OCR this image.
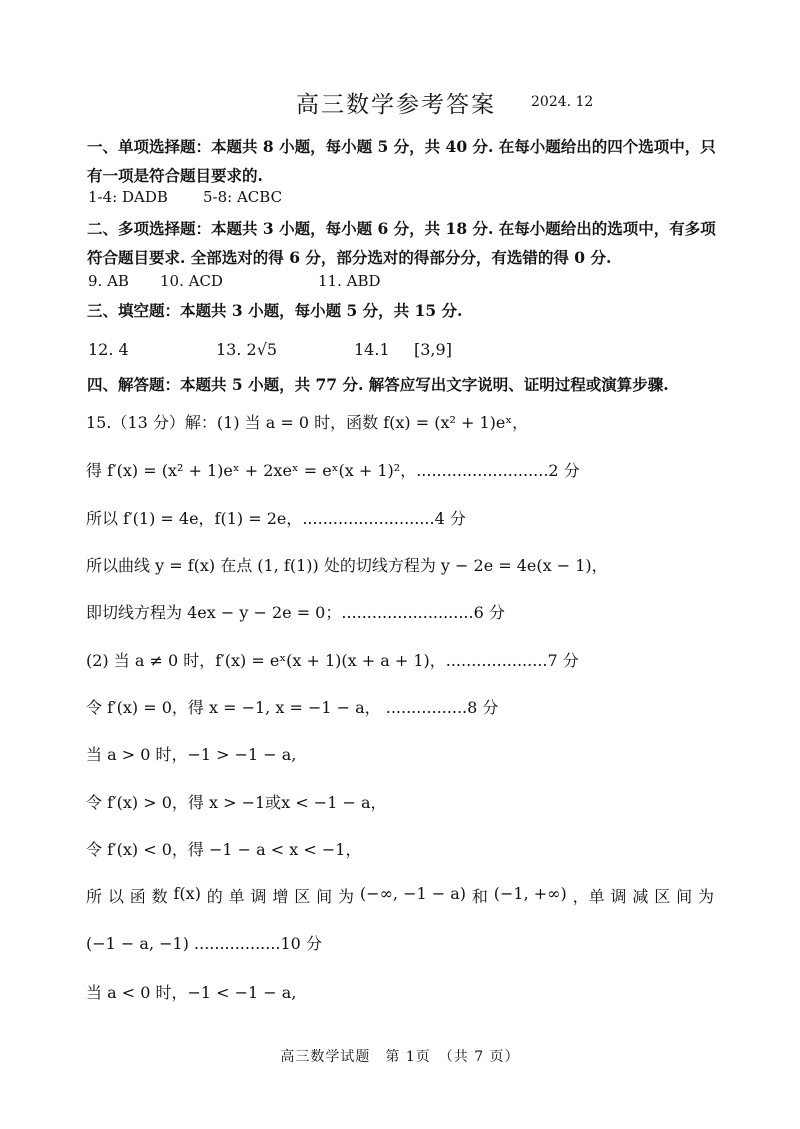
高三数学参考答案	2024. 12
一、单项选择题：本题共 8 小题，每小题 5 分，共 40 分. 在每小题给出的四个选项中，只有一项是符合题目要求的.
1-4: DADB 5-8: ACBC
二、多项选择题：本题共 3 小题，每小题 6 分，共 18 分. 在每小题给出的选项中，有多项符合题目要求. 全部选对的得 6 分，部分选对的得部分分，有选错的得 0 分.
9. AB 10. ACD	11. ABD
三、填空题：本题共 3 小题，每小题 5 分，共 15 分.
12. 4	13. 2√5	14.1 [3,9]
四、解答题：本题共 5 小题，共 77 分. 解答应写出文字说明、证明过程或演算步骤.
15.（13 分）解：(1) 当 a = 0 时，函数 f(x) = (x² + 1)eˣ，
得 f′(x) = (x² + 1)eˣ + 2xeˣ = eˣ(x + 1)²，..........................2 分
所以 f′(1) = 4e，f(1) = 2e，..........................4 分
所以曲线 y = f(x) 在点 (1, f(1)) 处的切线方程为 y − 2e = 4e(x − 1)，
即切线方程为 4ex − y − 2e = 0；..........................6 分
(2) 当 a ≠ 0 时，f′(x) = eˣ(x + 1)(x + a + 1)，....................7 分
令 f′(x) = 0，得 x = −1, x = −1 − a， ................8 分
当 a > 0 时，−1 > −1 − a,
令 f′(x) > 0，得 x > −1或x < −1 − a，
令 f′(x) < 0，得 −1 − a < x < −1，
所 以 函 数 f(x) 的 单 调 增 区 间 为 (−∞, −1 − a) 和 (−1, +∞) ，单 调 减 区 间 为
(−1 − a, −1) .................10 分
当 a < 0 时，−1 < −1 − a,
高三数学试题　第 1页　（共 7 页）
